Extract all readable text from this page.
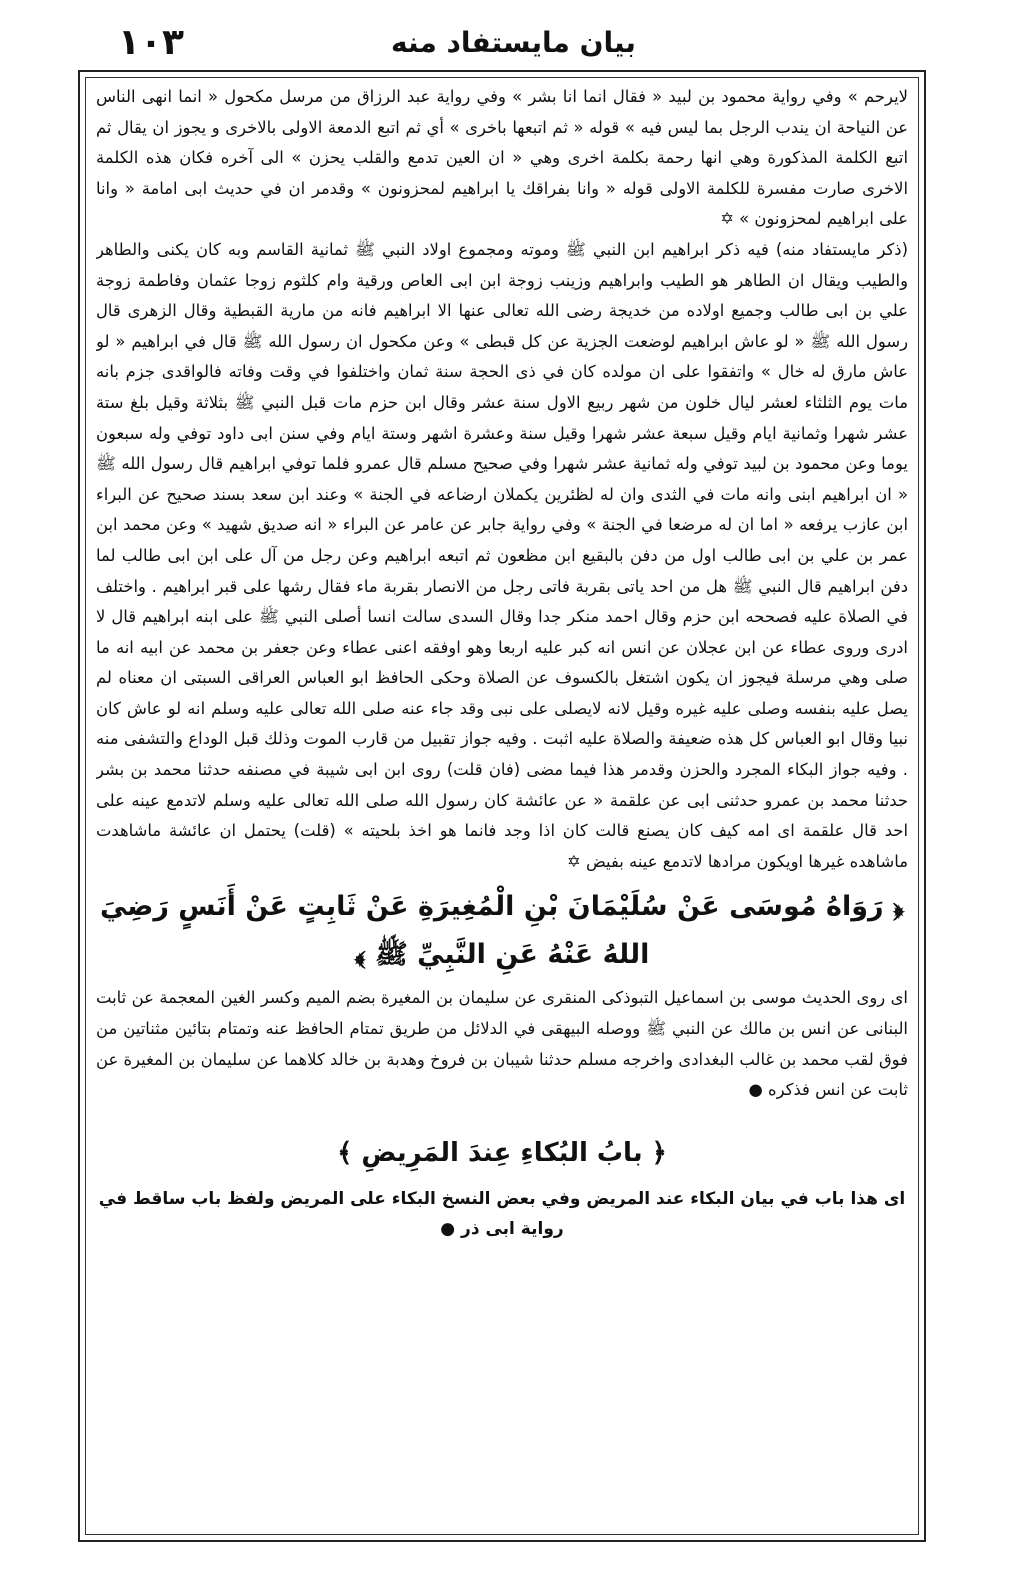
١٠٣	بيان مايستفاد منه

لايرحم » وفي رواية محمود بن لبيد « فقال انما انا بشر » وفي رواية عبد الرزاق من مرسل مكحول « انما انهى الناس عن النياحة ان يندب الرجل بما ليس فيه » قوله « ثم اتبعها باخرى » أي ثم اتبع الدمعة الاولى بالاخرى و يجوز ان يقال ثم اتبع الكلمة المذكورة وهي انها رحمة بكلمة اخرى وهي « ان العين تدمع والقلب يحزن » الى آخره فكان هذه الكلمة الاخرى صارت مفسرة للكلمة الاولى قوله « وانا بفراقك يا ابراهيم لمحزونون » وقدمر ان في حديث ابى امامة « وانا على ابراهيم لمحزونون » ✡

(ذكر مايستفاد منه) فيه ذكر ابراهيم ابن النبي ﷺ وموته ومجموع اولاد النبي ﷺ ثمانية القاسم وبه كان يكنى والطاهر والطيب ويقال ان الطاهر هو الطيب وابراهيم وزينب زوجة ابن ابى العاص ورقية وام كلثوم زوجا عثمان وفاطمة زوجة علي بن ابى طالب وجميع اولاده من خديجة رضى الله تعالى عنها الا ابراهيم فانه من مارية القبطية وقال الزهرى قال رسول الله ﷺ « لو عاش ابراهيم لوضعت الجزية عن كل قبطى » وعن مكحول ان رسول الله ﷺ قال في ابراهيم « لو عاش مارق له خال » واتفقوا على ان مولده كان في ذى الحجة سنة ثمان واختلفوا في وقت وفاته فالواقدى جزم بانه مات يوم الثلثاء لعشر ليال خلون من شهر ربيع الاول سنة عشر وقال ابن حزم مات قبل النبي ﷺ بثلاثة وقيل بلغ ستة عشر شهرا وثمانية ايام وقيل سبعة عشر شهرا وقيل سنة وعشرة اشهر وستة ايام وفي سنن ابى داود توفي وله سبعون يوما وعن محمود بن لبيد توفي وله ثمانية عشر شهرا وفي صحيح مسلم قال عمرو فلما توفي ابراهيم قال رسول الله ﷺ « ان ابراهيم ابنى وانه مات في الثدى وان له لظئرين يكملان ارضاعه في الجنة » وعند ابن سعد بسند صحيح عن البراء ابن عازب يرفعه « اما ان له مرضعا في الجنة » وفي رواية جابر عن عامر عن البراء « انه صديق شهيد » وعن محمد ابن عمر بن علي بن ابى طالب اول من دفن بالبقيع ابن مظعون ثم اتبعه ابراهيم وعن رجل من آل على ابن ابى طالب لما دفن ابراهيم قال النبي ﷺ هل من احد ياتى بقربة فاتى رجل من الانصار بقربة ماء فقال رشها على قبر ابراهيم . واختلف في الصلاة عليه فصححه ابن حزم وقال احمد منكر جدا وقال السدى سالت انسا أصلى النبي ﷺ على ابنه ابراهيم قال لا ادرى وروى عطاء عن ابن عجلان عن انس انه كبر عليه اربعا وهو اوفقه اعنى عطاء وعن جعفر بن محمد عن ابيه انه ما صلى وهي مرسلة فيجوز ان يكون اشتغل بالكسوف عن الصلاة وحكى الحافظ ابو العباس العراقى السبتى ان معناه لم يصل عليه بنفسه وصلى عليه غيره وقيل لانه لايصلى على نبى وقد جاء عنه صلى الله تعالى عليه وسلم انه لو عاش كان نبيا وقال ابو العباس كل هذه ضعيفة والصلاة عليه اثبت . وفيه جواز تقبيل من قارب الموت وذلك قبل الوداع والتشفى منه . وفيه جواز البكاء المجرد والحزن وقدمر هذا فيما مضى (فان قلت) روى ابن ابى شيبة في مصنفه حدثنا محمد بن بشر حدثنا محمد بن عمرو حدثنى ابى عن علقمة « عن عائشة كان رسول الله صلى الله تعالى عليه وسلم لاتدمع عينه على احد قال علقمة اى امه كيف كان يصنع قالت كان اذا وجد فانما هو اخذ بلحيته » (قلت) يحتمل ان عائشة ماشاهدت ماشاهده غيرها اويكون مرادها لاتدمع عينه بفيض ✡

﴿ رَوَاهُ مُوسَى عَنْ سُلَيْمَانَ بْنِ الْمُغِيرَةِ عَنْ ثَابِتٍ عَنْ أَنَسٍ رَضِيَ اللهُ عَنْهُ عَنِ النَّبِيِّ ﷺ ﴾

اى روى الحديث موسى بن اسماعيل التبوذكى المنقرى عن سليمان بن المغيرة بضم الميم وكسر الغين المعجمة عن ثابت البنانى عن انس بن مالك عن النبي ﷺ ووصله البيهقى في الدلائل من طريق تمتام الحافظ عنه وتمتام بتائين مثناتين من فوق لقب محمد بن غالب البغدادى واخرجه مسلم حدثنا شيبان بن فروخ وهدبة بن خالد كلاهما عن سليمان بن المغيرة عن ثابت عن انس فذكره ●

﴿ بابُ البُكاءِ عِندَ المَرِيضِ ﴾

اى هذا باب في بيان البكاء عند المريض وفي بعض النسخ البكاء على المريض ولفظ باب ساقط في رواية ابى ذر ●
